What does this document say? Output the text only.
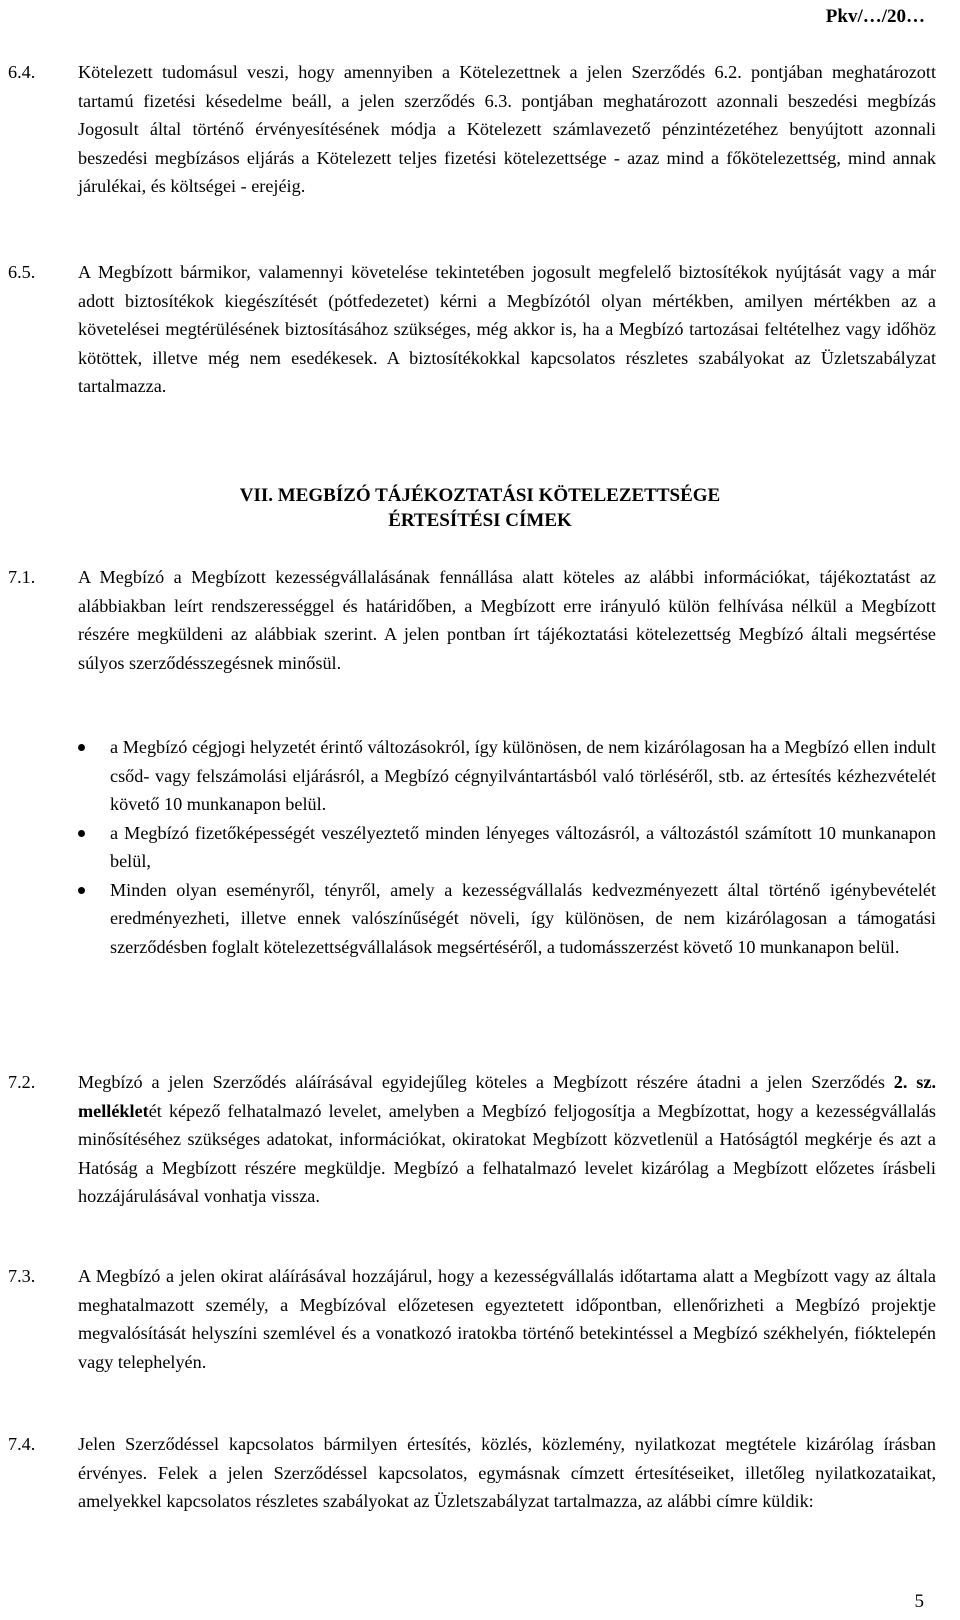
Pkv/…/20…
6.4.	Kötelezett tudomásul veszi, hogy amennyiben a Kötelezettnek a jelen Szerződés 6.2. pontjában meghatározott tartamú fizetési késedelme beáll, a jelen szerződés 6.3. pontjában meghatározott azonnali beszedési megbízás Jogosult által történő érvényesítésének módja a Kötelezett számlavezető pénzintézetéhez benyújtott azonnali beszedési megbízásos eljárás a Kötelezett teljes fizetési kötelezettsége - azaz mind a főkötelezettség, mind annak járulékai, és költségei - erejéig.
6.5.	A Megbízott bármikor, valamennyi követelése tekintetében jogosult megfelelő biztosítékok nyújtását vagy a már adott biztosítékok kiegészítését (pótfedezetet) kérni a Megbízótól olyan mértékben, amilyen mértékben az a követelései megtérülésének biztosításához szükséges, még akkor is, ha a Megbízó tartozásai feltételhez vagy időhöz kötöttek, illetve még nem esedékesek. A biztosítékokkal kapcsolatos részletes szabályokat az Üzletszabályzat tartalmazza.
VII. MEGBÍZÓ TÁJÉKOZTATÁSI KÖTELEZETTSÉGE
ÉRTESÍTÉSI CÍMEK
7.1.	A Megbízó a Megbízott kezességvállalásának fennállása alatt köteles az alábbi információkat, tájékoztatást az alábbiakban leírt rendszerességgel és határidőben, a Megbízott erre irányuló külön felhívása nélkül a Megbízott részére megküldeni az alábbiak szerint. A jelen pontban írt tájékoztatási kötelezettség Megbízó általi megsértése súlyos szerződésszegésnek minősül.
a Megbízó cégjogi helyzetét érintő változásokról, így különösen, de nem kizárólagosan ha a Megbízó ellen indult csőd- vagy felszámolási eljárásról, a Megbízó cégnyilvántartásból való törléséről, stb. az értesítés kézhezvételét követő 10 munkanapon belül.
a Megbízó fizetőképességét veszélyeztető minden lényeges változásról, a változástól számított 10 munkanapon belül,
Minden olyan eseményről, tényről, amely a kezességvállalás kedvezményezett által történő igénybevételét eredményezheti, illetve ennek valószínűségét növeli, így különösen, de nem kizárólagosan a támogatási szerződésben foglalt kötelezettségvállalások megsértéséről, a tudomásszerzést követő 10 munkanapon belül.
7.2.	Megbízó a jelen Szerződés aláírásával egyidejűleg köteles a Megbízott részére átadni a jelen Szerződés 2. sz. mellékletét képező felhatalmazó levelet, amelyben a Megbízó feljogosítja a Megbízottat, hogy a kezességvállalás minősítéséhez szükséges adatokat, információkat, okiratokat Megbízott közvetlenül a Hatóságtól megkérje és azt a Hatóság a Megbízott részére megküldje. Megbízó a felhatalmazó levelet kizárólag a Megbízott előzetes írásbeli hozzájárulásával vonhatja vissza.
7.3.	A Megbízó a jelen okirat aláírásával hozzájárul, hogy a kezességvállalás időtartama alatt a Megbízott vagy az általa meghatalmazott személy, a Megbízóval előzetesen egyeztetett időpontban, ellenőrizheti a Megbízó projektje megvalósítását helyszíni szemlével és a vonatkozó iratokba történő betekintéssel a Megbízó székhelyén, fióktelepén vagy telephelyén.
7.4.	Jelen Szerződéssel kapcsolatos bármilyen értesítés, közlés, közlemény, nyilatkozat megtétele kizárólag írásban érvényes. Felek a jelen Szerződéssel kapcsolatos, egymásnak címzett értesítéseiket, illetőleg nyilatkozataikat, amelyekkel kapcsolatos részletes szabályokat az Üzletszabályzat tartalmazza, az alábbi címre küldik:
5
